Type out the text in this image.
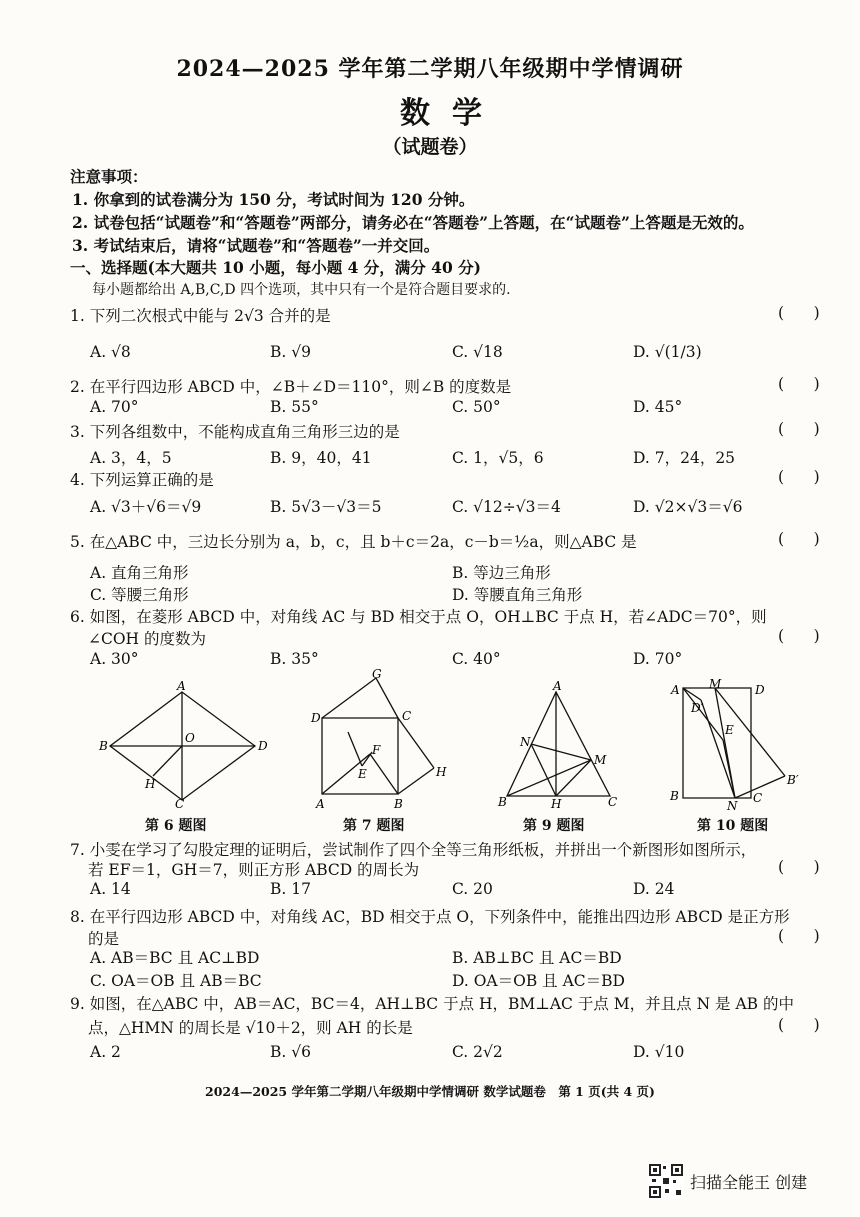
2024—2025 学年第二学期八年级期中学情调研
数学
（试题卷）
注意事项：
1. 你拿到的试卷满分为 150 分，考试时间为 120 分钟。
2. 试卷包括“试题卷”和“答题卷”两部分，请务必在“答题卷”上答题，在“试题卷”上答题是无效的。
3. 考试结束后，请将“试题卷”和“答题卷”一并交回。
一、选择题(本大题共 10 小题，每小题 4 分，满分 40 分)
每小题都给出 A,B,C,D 四个选项，其中只有一个是符合题目要求的.
1. 下列二次根式中能与 2√3 合并的是	(      )
A. √8	B. √9	C. √18	D. √(1/3)
2. 在平行四边形 ABCD 中，∠B＋∠D＝110°，则∠B 的度数是	(      )
A. 70°	B. 55°	C. 50°	D. 45°
3. 下列各组数中，不能构成直角三角形三边的是	(      )
A. 3，4，5	B. 9，40，41	C. 1，√5，6	D. 7，24，25
4. 下列运算正确的是	(      )
A. √3＋√6＝√9	B. 5√3－√3＝5	C. √12÷√3＝4	D. √2×√3＝√6
5. 在△ABC 中，三边长分别为 a，b，c，且 b＋c＝2a，c－b＝½a，则△ABC 是	(      )
A. 直角三角形	B. 等边三角形
C. 等腰三角形	D. 等腰直角三角形
6. 如图，在菱形 ABCD 中，对角线 AC 与 BD 相交于点 O，OH⊥BC 于点 H，若∠ADC＝70°，则
∠COH 的度数为	(      )
A. 30°	B. 35°	C. 40°	D. 70°
A
B
C
D
O
H
第 6 题图
G
D	C
F
E	H
A	B
第 7 题图
A
N
M
B	H	C
第 9 题图
A M	D
D′
E
B′
B
N
C
第 10 题图
7. 小雯在学习了勾股定理的证明后，尝试制作了四个全等三角形纸板，并拼出一个新图形如图所示，
若 EF＝1，GH＝7，则正方形 ABCD 的周长为	(      )
A. 14	B. 17	C. 20	D. 24
8. 在平行四边形 ABCD 中，对角线 AC，BD 相交于点 O，下列条件中，能推出四边形 ABCD 是正方形
的是	(      )
A. AB＝BC 且 AC⊥BD	B. AB⊥BC 且 AC＝BD
C. OA＝OB 且 AB＝BC	D. OA＝OB 且 AC＝BD
9. 如图，在△ABC 中，AB＝AC，BC＝4，AH⊥BC 于点 H，BM⊥AC 于点 M，并且点 N 是 AB 的中
点，△HMN 的周长是 √10＋2，则 AH 的长是	(      )
A. 2	B. √6	C. 2√2	D. √10
2024—2025 学年第二学期八年级期中学情调研 数学试题卷　第 1 页(共 4 页)
扫描全能王 创建
